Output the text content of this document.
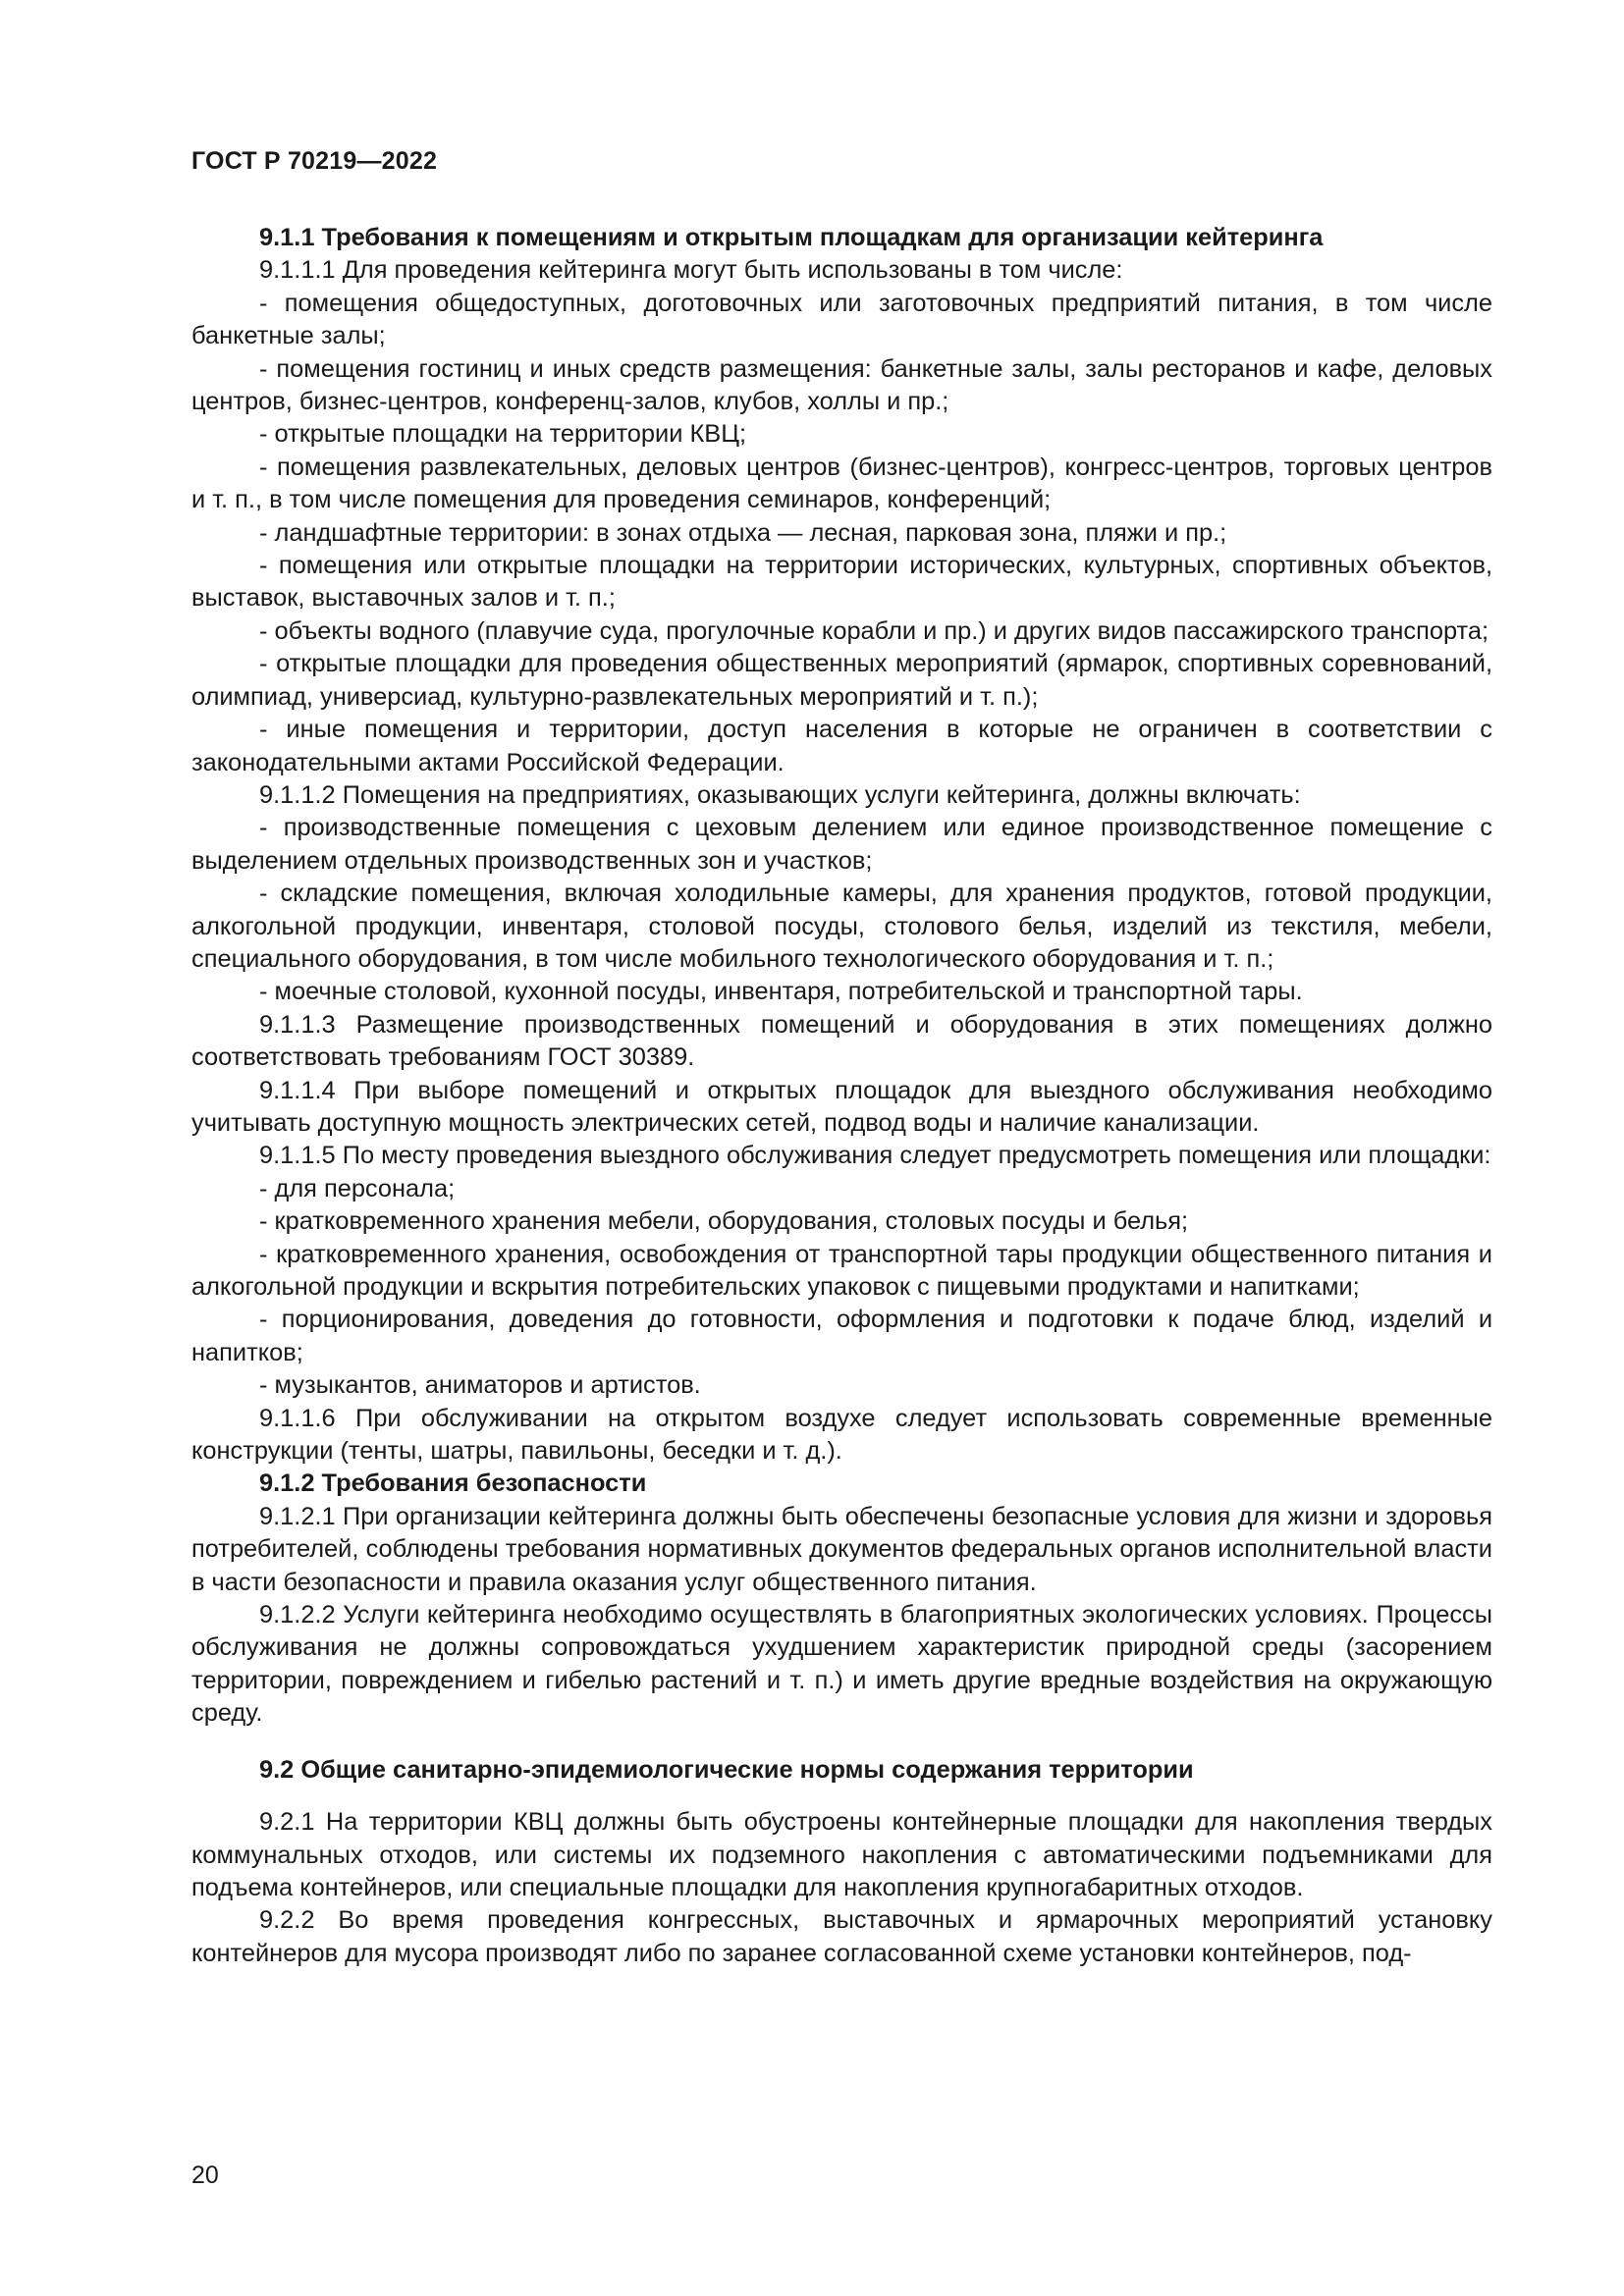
ГОСТ Р 70219—2022

9.1.1 Требования к помещениям и открытым площадкам для организации кейтеринга

9.1.1.1 Для проведения кейтеринга могут быть использованы в том числе:

- помещения общедоступных, доготовочных или заготовочных предприятий питания, в том числе банкетные залы;

- помещения гостиниц и иных средств размещения: банкетные залы, залы ресторанов и кафе, деловых центров, бизнес-центров, конференц-залов, клубов, холлы и пр.;

- открытые площадки на территории КВЦ;

- помещения развлекательных, деловых центров (бизнес-центров), конгресс-центров, торговых центров и т. п., в том числе помещения для проведения семинаров, конференций;

- ландшафтные территории: в зонах отдыха — лесная, парковая зона, пляжи и пр.;

- помещения или открытые площадки на территории исторических, культурных, спортивных объектов, выставок, выставочных залов и т. п.;

- объекты водного (плавучие суда, прогулочные корабли и пр.) и других видов пассажирского транспорта;

- открытые площадки для проведения общественных мероприятий (ярмарок, спортивных соревнований, олимпиад, универсиад, культурно-развлекательных мероприятий и т. п.);

- иные помещения и территории, доступ населения в которые не ограничен в соответствии с законодательными актами Российской Федерации.

9.1.1.2 Помещения на предприятиях, оказывающих услуги кейтеринга, должны включать:

- производственные помещения с цеховым делением или единое производственное помещение с выделением отдельных производственных зон и участков;

- складские помещения, включая холодильные камеры, для хранения продуктов, готовой продукции, алкогольной продукции, инвентаря, столовой посуды, столового белья, изделий из текстиля, мебели, специального оборудования, в том числе мобильного технологического оборудования и т. п.;

- моечные столовой, кухонной посуды, инвентаря, потребительской и транспортной тары.

9.1.1.3 Размещение производственных помещений и оборудования в этих помещениях должно соответствовать требованиям ГОСТ 30389.

9.1.1.4 При выборе помещений и открытых площадок для выездного обслуживания необходимо учитывать доступную мощность электрических сетей, подвод воды и наличие канализации.

9.1.1.5 По месту проведения выездного обслуживания следует предусмотреть помещения или площадки:

- для персонала;

- кратковременного хранения мебели, оборудования, столовых посуды и белья;

- кратковременного хранения, освобождения от транспортной тары продукции общественного питания и алкогольной продукции и вскрытия потребительских упаковок с пищевыми продуктами и напитками;

- порционирования, доведения до готовности, оформления и подготовки к подаче блюд, изделий и напитков;

- музыкантов, аниматоров и артистов.

9.1.1.6 При обслуживании на открытом воздухе следует использовать современные временные конструкции (тенты, шатры, павильоны, беседки и т. д.).

9.1.2 Требования безопасности

9.1.2.1 При организации кейтеринга должны быть обеспечены безопасные условия для жизни и здоровья потребителей, соблюдены требования нормативных документов федеральных органов исполнительной власти в части безопасности и правила оказания услуг общественного питания.

9.1.2.2 Услуги кейтеринга необходимо осуществлять в благоприятных экологических условиях. Процессы обслуживания не должны сопровождаться ухудшением характеристик природной среды (засорением территории, повреждением и гибелью растений и т. п.) и иметь другие вредные воздействия на окружающую среду.

9.2 Общие санитарно-эпидемиологические нормы содержания территории

9.2.1 На территории КВЦ должны быть обустроены контейнерные площадки для накопления твердых коммунальных отходов, или системы их подземного накопления с автоматическими подъемниками для подъема контейнеров, или специальные площадки для накопления крупногабаритных отходов.

9.2.2 Во время проведения конгрессных, выставочных и ярмарочных мероприятий установку контейнеров для мусора производят либо по заранее согласованной схеме установки контейнеров, под-

20
